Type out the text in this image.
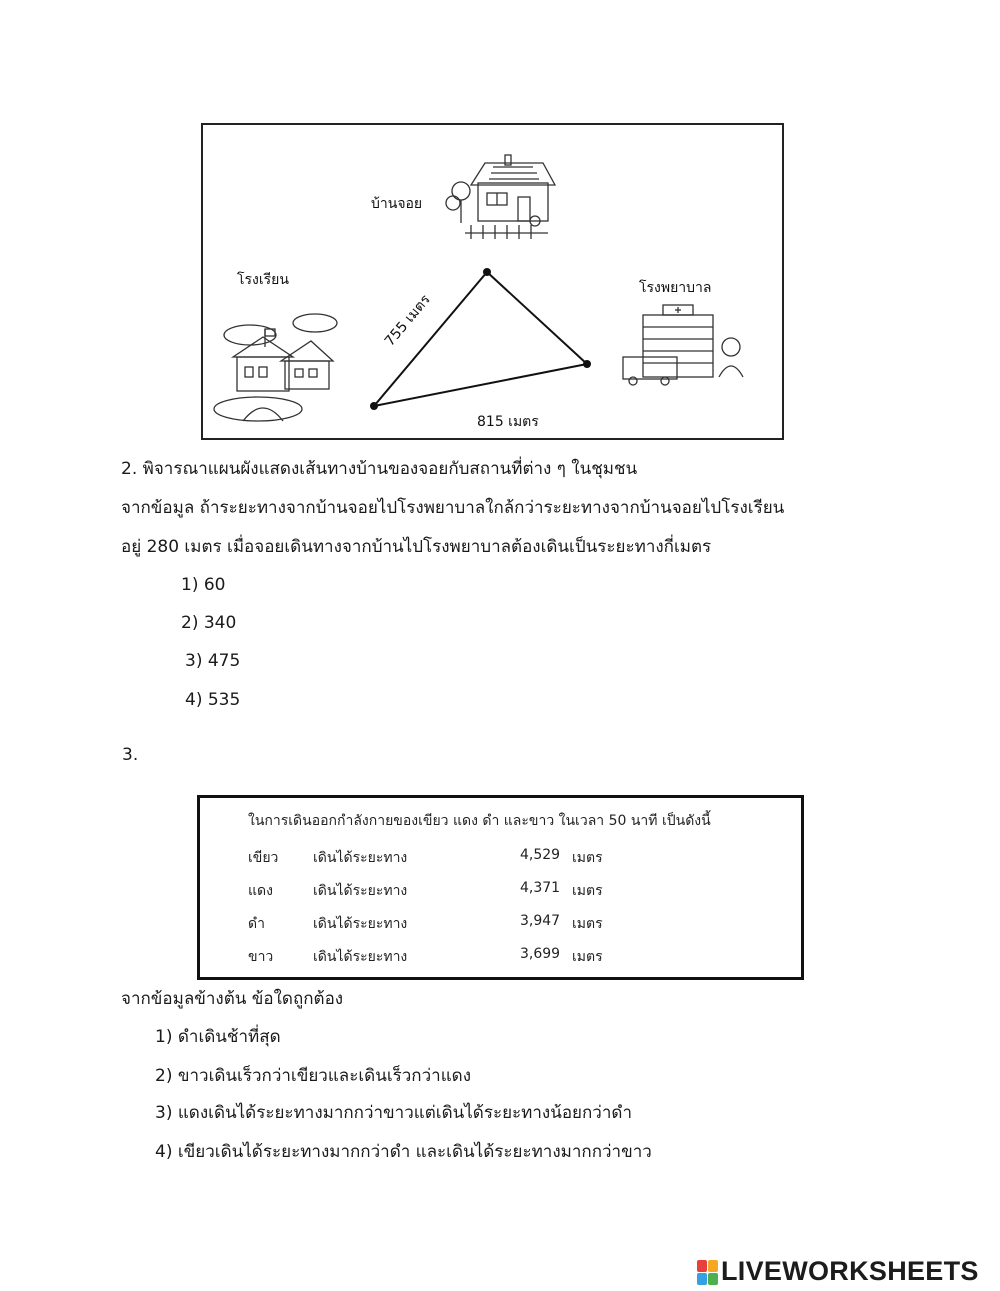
755 เมตร
บ้านจอย
โรงเรียน	โรงพยาบาล
815 เมตร
2. พิจารณาแผนผังแสดงเส้นทางบ้านของจอยกับสถานที่ต่าง ๆ ในชุมชน
จากข้อมูล ถ้าระยะทางจากบ้านจอยไปโรงพยาบาลใกล้กว่าระยะทางจากบ้านจอยไปโรงเรียน
อยู่ 280 เมตร เมื่อจอยเดินทางจากบ้านไปโรงพยาบาลต้องเดินเป็นระยะทางกี่เมตร
1) 60
2) 340
3) 475
4) 535
3.
ในการเดินออกกำลังกายของเขียว แดง ดำ และขาว ในเวลา 50 นาที เป็นดังนี้
เขียว เดินได้ระยะทาง	4,529 เมตร
แดง	เดินได้ระยะทาง	4,371 เมตร
ดำ	เดินได้ระยะทาง	3,947 เมตร
ขาว	เดินได้ระยะทาง	3,699 เมตร
จากข้อมูลข้างต้น ข้อใดถูกต้อง
1) ดำเดินช้าที่สุด
2) ขาวเดินเร็วกว่าเขียวและเดินเร็วกว่าแดง
3) แดงเดินได้ระยะทางมากกว่าขาวแต่เดินได้ระยะทางน้อยกว่าดำ
4) เขียวเดินได้ระยะทางมากกว่าดำ และเดินได้ระยะทางมากกว่าขาว
LIVEWORKSHEETS
